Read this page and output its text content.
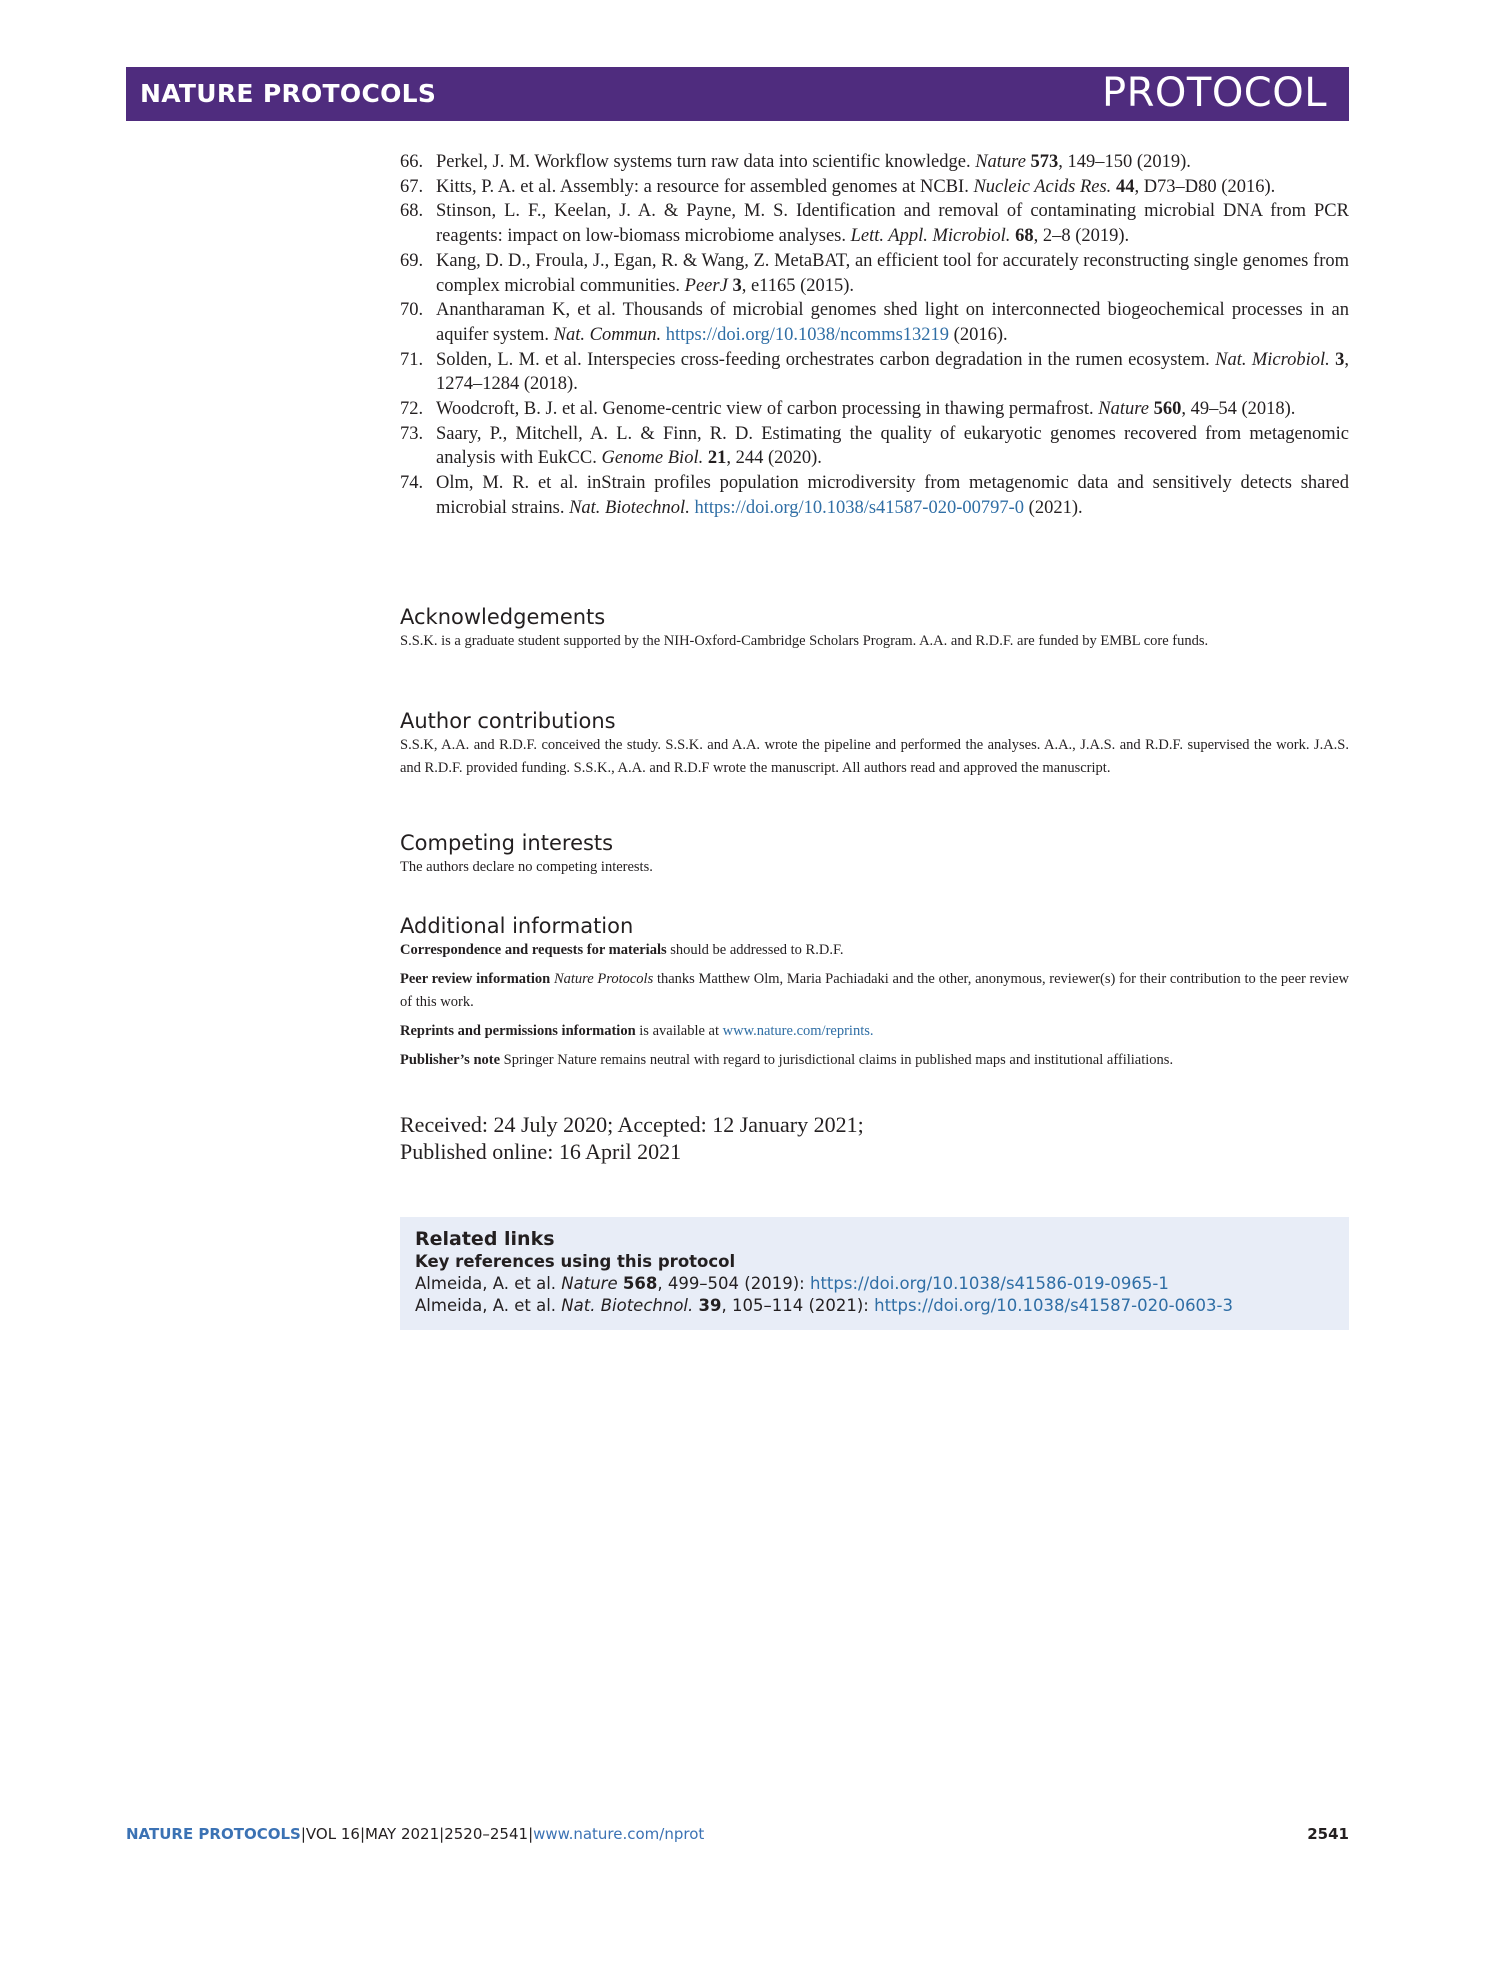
NATURE PROTOCOLS	PROTOCOL
66. Perkel, J. M. Workflow systems turn raw data into scientific knowledge. Nature 573, 149–150 (2019).
67. Kitts, P. A. et al. Assembly: a resource for assembled genomes at NCBI. Nucleic Acids Res. 44, D73–D80 (2016).
68. Stinson, L. F., Keelan, J. A. & Payne, M. S. Identification and removal of contaminating microbial DNA from PCR reagents: impact on low-biomass microbiome analyses. Lett. Appl. Microbiol. 68, 2–8 (2019).
69. Kang, D. D., Froula, J., Egan, R. & Wang, Z. MetaBAT, an efficient tool for accurately reconstructing single genomes from complex microbial communities. PeerJ 3, e1165 (2015).
70. Anantharaman K, et al. Thousands of microbial genomes shed light on interconnected biogeochemical processes in an aquifer system. Nat. Commun. https://doi.org/10.1038/ncomms13219 (2016).
71. Solden, L. M. et al. Interspecies cross-feeding orchestrates carbon degradation in the rumen ecosystem. Nat. Microbiol. 3, 1274–1284 (2018).
72. Woodcroft, B. J. et al. Genome-centric view of carbon processing in thawing permafrost. Nature 560, 49–54 (2018).
73. Saary, P., Mitchell, A. L. & Finn, R. D. Estimating the quality of eukaryotic genomes recovered from metagenomic analysis with EukCC. Genome Biol. 21, 244 (2020).
74. Olm, M. R. et al. inStrain profiles population microdiversity from metagenomic data and sensitively detects shared microbial strains. Nat. Biotechnol. https://doi.org/10.1038/s41587-020-00797-0 (2021).
Acknowledgements
S.S.K. is a graduate student supported by the NIH-Oxford-Cambridge Scholars Program. A.A. and R.D.F. are funded by EMBL core funds.
Author contributions
S.S.K, A.A. and R.D.F. conceived the study. S.S.K. and A.A. wrote the pipeline and performed the analyses. A.A., J.A.S. and R.D.F. supervised the work. J.A.S. and R.D.F. provided funding. S.S.K., A.A. and R.D.F wrote the manuscript. All authors read and approved the manuscript.
Competing interests
The authors declare no competing interests.
Additional information
Correspondence and requests for materials should be addressed to R.D.F.
Peer review information Nature Protocols thanks Matthew Olm, Maria Pachiadaki and the other, anonymous, reviewer(s) for their contribution to the peer review of this work.
Reprints and permissions information is available at www.nature.com/reprints.
Publisher’s note Springer Nature remains neutral with regard to jurisdictional claims in published maps and institutional affiliations.
Received: 24 July 2020; Accepted: 12 January 2021;
Published online: 16 April 2021
Related links
Key references using this protocol
Almeida, A. et al. Nature 568, 499–504 (2019): https://doi.org/10.1038/s41586-019-0965-1
Almeida, A. et al. Nat. Biotechnol. 39, 105–114 (2021): https://doi.org/10.1038/s41587-020-0603-3
NATURE PROTOCOLS|VOL 16|MAY 2021|2520–2541|www.nature.com/nprot	2541
